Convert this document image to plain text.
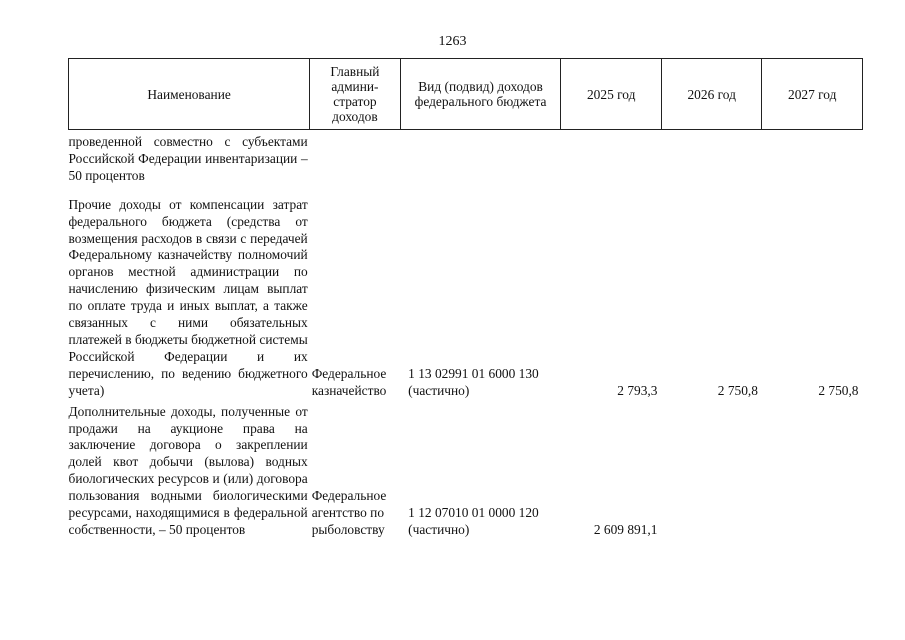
1263
Наименование	Главный админи-стратор доходов	Вид (подвид) доходов федерального бюджета	2025 год	2026 год	2027 год

проведенной совместно с субъектами Российской Федерации инвентаризации – 50 процентов					

Прочие доходы от компенсации затрат федерального бюджета (средства от возмещения расходов в связи с передачей Федеральному казначейству полномочий органов местной администрации по начислению физическим лицам выплат по оплате труда и иных выплат, а также связанных с ними обязательных платежей в бюджеты бюджетной системы Российской Федерации и их перечислению, по ведению бюджетного учета)	Федеральное казначейство	1 13 02991 01 6000 130 (частично)	2 793,3	2 750,8	2 750,8

Дополнительные доходы, полученные от продажи на аукционе права на заключение договора о закреплении долей квот добычи (вылова) водных биологических ресурсов и (или) договора пользования водными биологическими ресурсами, находящимися в федеральной собственности, – 50 процентов	Федеральное агентство по рыболовству	1 12 07010 01 0000 120 (частично)	2 609 891,1		
